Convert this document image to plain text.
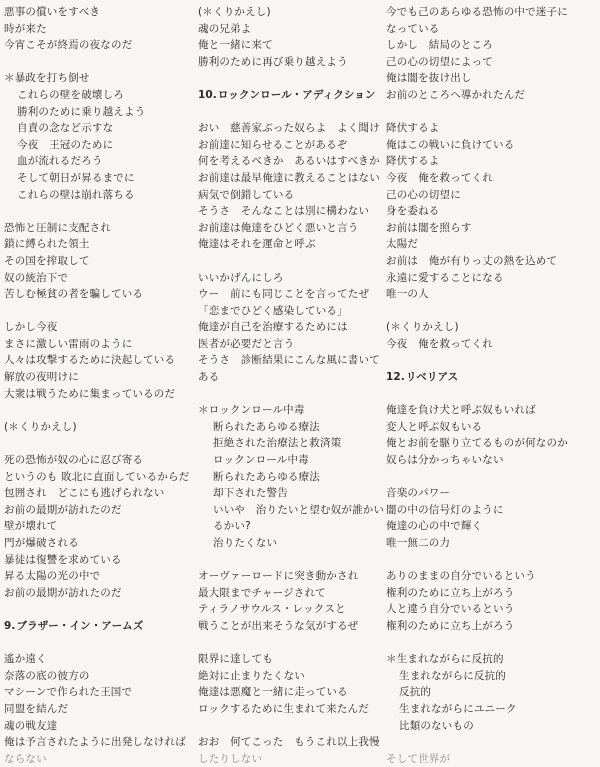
悪事の償いをすべき
時が来た
今宵こそが終焉の夜なのだ
＊暴政を打ち倒せ
これらの壁を破壊しろ
勝利のために乗り越えよう
自責の念など示すな
今夜　王冠のために
血が流れるだろう
そして朝日が昇るまでに
これらの壁は崩れ落ちる
恐怖と圧制に支配され
鎖に縛られた領土
その国を搾取して
奴の統治下で
苦しむ極貧の者を騙している
しかし今夜
まさに激しい雷雨のように
人々は攻撃するために決起している
解放の夜明けに
大衆は戦うために集まっているのだ
(＊くりかえし)
死の恐怖が奴の心に忍び寄る
というのも 敗北に直面しているからだ
包囲され　どこにも逃げられない
お前の最期が訪れたのだ
壁が壊れて
門が爆破される
暴徒は復讐を求めている
昇る太陽の光の中で
お前の最期が訪れたのだ
9.ブラザー・イン・アームズ
遙か遠く
奈落の底の彼方の
マシーンで作られた王国で
同盟を結んだ
魂の戦友達
俺は予言されたように出発しなければ
ならない
(＊くりかえし)
魂の兄弟よ
俺と一緒に来て
勝利のために再び乗り越えよう
10.ロックンロール・アディクション
おい　慈善家ぶった奴らよ　よく聞け
お前達に知らせることがあるぞ
何を考えるべきか　あるいはすべきか
お前達は最早俺達に教えることはない
病気で倒錯している
そうさ　そんなことは別に構わない
お前達は俺達をひどく悪いと言う
俺達はそれを運命と呼ぶ
いいかげんにしろ
ウー　前にも同じことを言ってたぜ
「恋までひどく感染している」
俺達が自己を治療するためには
医者が必要だと言う
そうさ　診断結果にこんな風に書いて
ある
＊ロックンロール中毒
断られたあらゆる療法
拒絶された治療法と救済策
ロックンロール中毒
断られたあらゆる療法
却下された警告
いいや　治りたいと望む奴が誰かい
るかい?
治りたくない
オーヴァーロードに突き動かされ
最大限までチャージされて
ティラノサウルス・レックスと
戦うことが出来そうな気がするぜ
限界に達しても
絶対に止まりたくない
俺達は悪魔と一緒に走っている
ロックするために生まれて来たんだ
おお　何てこった　もうこれ以上我慢
したりしない
今でも己のあらゆる恐怖の中で迷子に
なっている
しかし　結局のところ
己の心の切望によって
俺は闇を抜け出し
お前のところへ導かれたんだ
降伏するよ
俺はこの戦いに負けている
降伏するよ
今夜　俺を救ってくれ
己の心の切望に
身を委ねる
お前は闇を照らす
太陽だ
お前は　俺が有りっ丈の熱を込めて
永遠に愛することになる
唯一の人
(＊くりかえし)
今夜　俺を救ってくれ
12.リベリアス
俺達を負け犬と呼ぶ奴もいれば
変人と呼ぶ奴もいる
俺とお前を駆り立てるものが何なのか
奴らは分かっちゃいない
音楽のパワー
闇の中の信号灯のように
俺達の心の中で輝く
唯一無二の力
ありのままの自分でいるという
権利のために立ち上がろう
人と違う自分でいるという
権利のために立ち上がろう
＊生まれながらに反抗的
生まれながらに反抗的
反抗的
生まれながらにユニーク
比類のないもの
そして世界が
